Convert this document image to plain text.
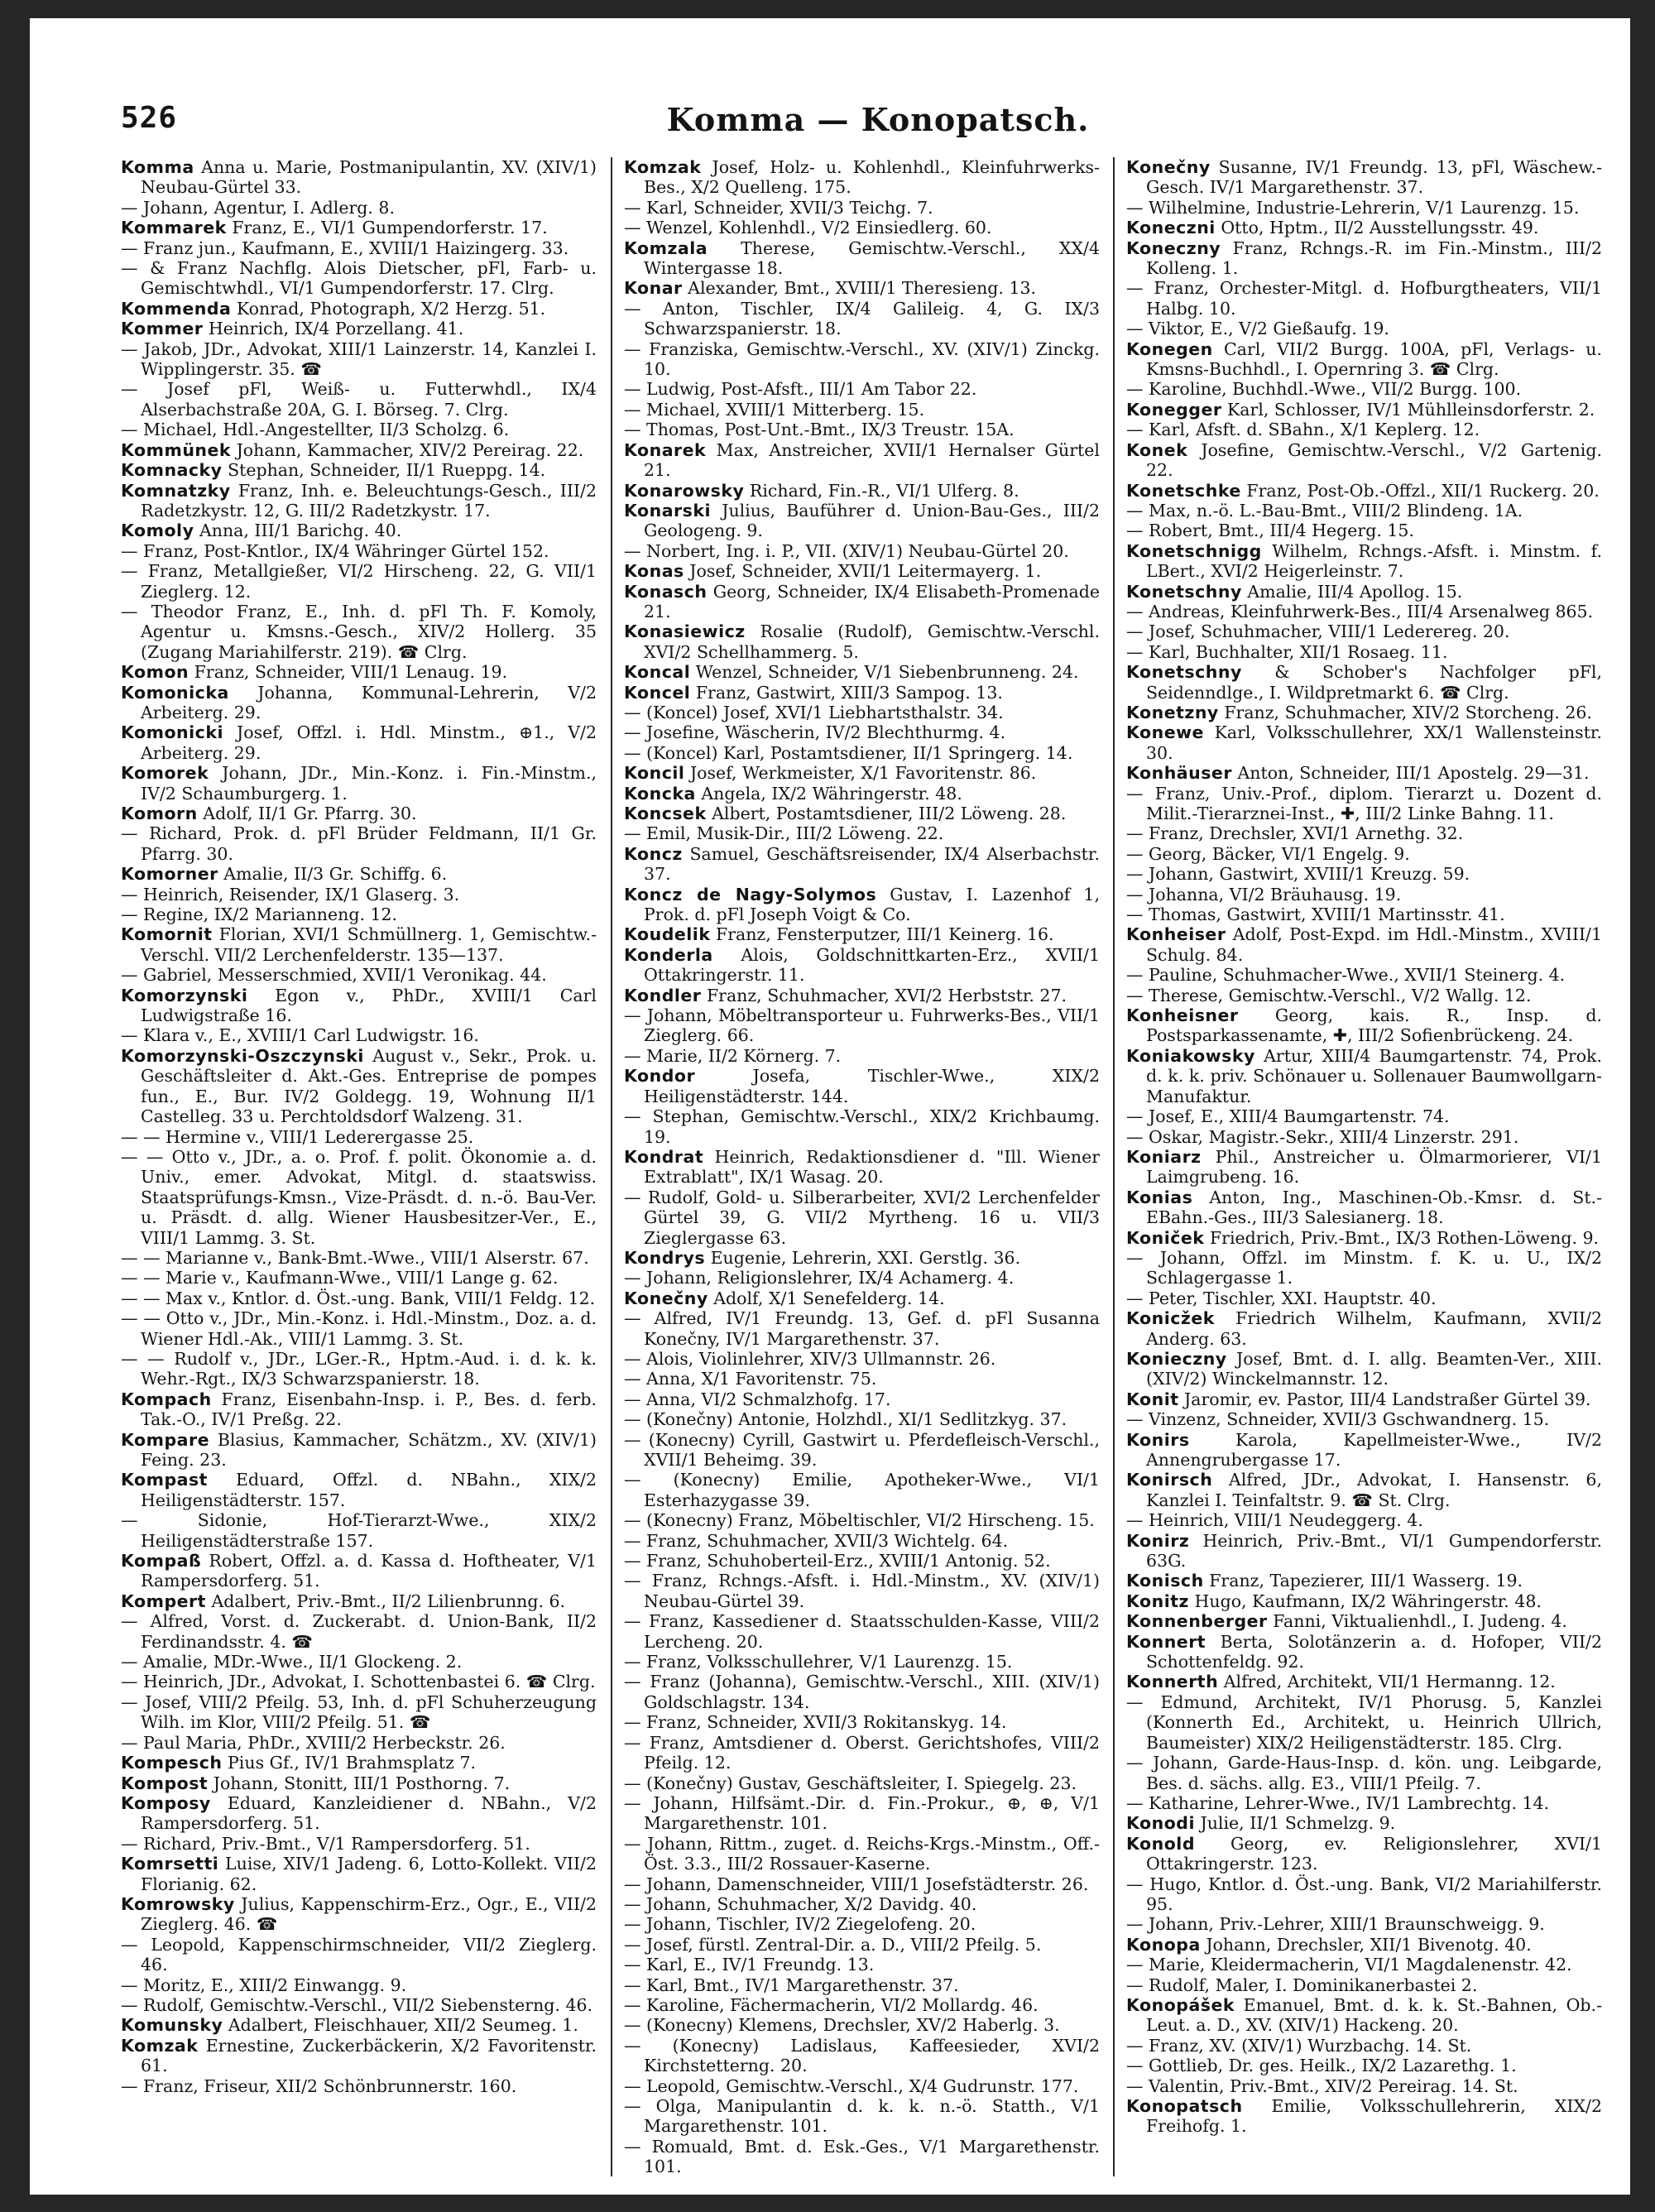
526	Komma — Konopatsch.

Komma Anna u. Marie, Postmanipulantin, XV. (XIV/1) Neubau-Gürtel 33.

— Johann, Agentur, I. Adlerg. 8.

Kommarek Franz, E., VI/1 Gumpendorferstr. 17.

— Franz jun., Kaufmann, E., XVIII/1 Haizingerg. 33.

— & Franz Nachflg. Alois Dietscher, pFl, Farb- u. Gemischtwhdl., VI/1 Gumpendorferstr. 17. Clrg.

Kommenda Konrad, Photograph, X/2 Herzg. 51.

Kommer Heinrich, IX/4 Porzellang. 41.

— Jakob, JDr., Advokat, XIII/1 Lainzerstr. 14, Kanzlei I. Wipplingerstr. 35. ☎

— Josef pFl, Weiß- u. Futterwhdl., IX/4 Alserbachstraße 20A, G. I. Börseg. 7. Clrg.

— Michael, Hdl.-Angestellter, II/3 Scholzg. 6.

Kommünek Johann, Kammacher, XIV/2 Pereirag. 22.

Komnacky Stephan, Schneider, II/1 Rueppg. 14.

Komnatzky Franz, Inh. e. Beleuchtungs-Gesch., III/2 Radetzkystr. 12, G. III/2 Radetzkystr. 17.

Komoly Anna, III/1 Barichg. 40.

— Franz, Post-Kntlor., IX/4 Währinger Gürtel 152.

— Franz, Metallgießer, VI/2 Hirscheng. 22, G. VII/1 Zieglerg. 12.

— Theodor Franz, E., Inh. d. pFl Th. F. Komoly, Agentur u. Kmsns.-Gesch., XIV/2 Hollerg. 35 (Zugang Mariahilferstr. 219). ☎ Clrg.

Komon Franz, Schneider, VIII/1 Lenaug. 19.

Komonicka Johanna, Kommunal-Lehrerin, V/2 Arbeiterg. 29.

Komonicki Josef, Offzl. i. Hdl. Minstm., ⊕1., V/2 Arbeiterg. 29.

Komorek Johann, JDr., Min.-Konz. i. Fin.-Minstm., IV/2 Schaumburgerg. 1.

Komorn Adolf, II/1 Gr. Pfarrg. 30.

— Richard, Prok. d. pFl Brüder Feldmann, II/1 Gr. Pfarrg. 30.

Komorner Amalie, II/3 Gr. Schiffg. 6.

— Heinrich, Reisender, IX/1 Glaserg. 3.

— Regine, IX/2 Marianneng. 12.

Komornit Florian, XVI/1 Schmüllnerg. 1, Gemischtw.-Verschl. VII/2 Lerchenfelderstr. 135—137.

— Gabriel, Messerschmied, XVII/1 Veronikag. 44.

Komorzynski Egon v., PhDr., XVIII/1 Carl Ludwigstraße 16.

— Klara v., E., XVIII/1 Carl Ludwigstr. 16.

Komorzynski-Oszczynski August v., Sekr., Prok. u. Geschäftsleiter d. Akt.-Ges. Entreprise de pompes fun., E., Bur. IV/2 Goldegg. 19, Wohnung II/1 Castelleg. 33 u. Perchtoldsdorf Walzeng. 31.

— — Hermine v., VIII/1 Lederergasse 25.

— — Otto v., JDr., a. o. Prof. f. polit. Ökonomie a. d. Univ., emer. Advokat, Mitgl. d. staatswiss. Staatsprüfungs-Kmsn., Vize-Präsdt. d. n.-ö. Bau-Ver. u. Präsdt. d. allg. Wiener Hausbesitzer-Ver., E., VIII/1 Lammg. 3. St.

— — Marianne v., Bank-Bmt.-Wwe., VIII/1 Alserstr. 67.

— — Marie v., Kaufmann-Wwe., VIII/1 Lange g. 62.

— — Max v., Kntlor. d. Öst.-ung. Bank, VIII/1 Feldg. 12.

— — Otto v., JDr., Min.-Konz. i. Hdl.-Minstm., Doz. a. d. Wiener Hdl.-Ak., VIII/1 Lammg. 3. St.

— — Rudolf v., JDr., LGer.-R., Hptm.-Aud. i. d. k. k. Wehr.-Rgt., IX/3 Schwarzspanierstr. 18.

Kompach Franz, Eisenbahn-Insp. i. P., Bes. d. ferb. Tak.-O., IV/1 Preßg. 22.

Kompare Blasius, Kammacher, Schätzm., XV. (XIV/1) Feing. 23.

Kompast Eduard, Offzl. d. NBahn., XIX/2 Heiligenstädterstr. 157.

— Sidonie, Hof-Tierarzt-Wwe., XIX/2 Heiligenstädterstraße 157.

Kompaß Robert, Offzl. a. d. Kassa d. Hoftheater, V/1 Rampersdorferg. 51.

Kompert Adalbert, Priv.-Bmt., II/2 Lilienbrunng. 6.

— Alfred, Vorst. d. Zuckerabt. d. Union-Bank, II/2 Ferdinandsstr. 4. ☎

— Amalie, MDr.-Wwe., II/1 Glockeng. 2.

— Heinrich, JDr., Advokat, I. Schottenbastei 6. ☎ Clrg.

— Josef, VIII/2 Pfeilg. 53, Inh. d. pFl Schuherzeugung Wilh. im Klor, VIII/2 Pfeilg. 51. ☎

— Paul Maria, PhDr., XVIII/2 Herbeckstr. 26.

Kompesch Pius Gf., IV/1 Brahmsplatz 7.

Kompost Johann, Stonitt, III/1 Posthorng. 7.

Komposy Eduard, Kanzleidiener d. NBahn., V/2 Rampersdorferg. 51.

— Richard, Priv.-Bmt., V/1 Rampersdorferg. 51.

Komrsetti Luise, XIV/1 Jadeng. 6, Lotto-Kollekt. VII/2 Florianig. 62.

Komrowsky Julius, Kappenschirm-Erz., Ogr., E., VII/2 Zieglerg. 46. ☎

— Leopold, Kappenschirmschneider, VII/2 Zieglerg. 46.

— Moritz, E., XIII/2 Einwangg. 9.

— Rudolf, Gemischtw.-Verschl., VII/2 Siebensterng. 46.

Komunsky Adalbert, Fleischhauer, XII/2 Seumeg. 1.

Komzak Ernestine, Zuckerbäckerin, X/2 Favoritenstr. 61.

— Franz, Friseur, XII/2 Schönbrunnerstr. 160.

Komzak Josef, Holz- u. Kohlenhdl., Kleinfuhrwerks-Bes., X/2 Quelleng. 175.

— Karl, Schneider, XVII/3 Teichg. 7.

— Wenzel, Kohlenhdl., V/2 Einsiedlerg. 60.

Komzala Therese, Gemischtw.-Verschl., XX/4 Wintergasse 18.

Konar Alexander, Bmt., XVIII/1 Theresieng. 13.

— Anton, Tischler, IX/4 Galileig. 4, G. IX/3 Schwarzspanierstr. 18.

— Franziska, Gemischtw.-Verschl., XV. (XIV/1) Zinckg. 10.

— Ludwig, Post-Afsft., III/1 Am Tabor 22.

— Michael, XVIII/1 Mitterberg. 15.

— Thomas, Post-Unt.-Bmt., IX/3 Treustr. 15A.

Konarek Max, Anstreicher, XVII/1 Hernalser Gürtel 21.

Konarowsky Richard, Fin.-R., VI/1 Ulferg. 8.

Konarski Julius, Bauführer d. Union-Bau-Ges., III/2 Geologeng. 9.

— Norbert, Ing. i. P., VII. (XIV/1) Neubau-Gürtel 20.

Konas Josef, Schneider, XVII/1 Leitermayerg. 1.

Konasch Georg, Schneider, IX/4 Elisabeth-Promenade 21.

Konasiewicz Rosalie (Rudolf), Gemischtw.-Verschl. XVI/2 Schellhammerg. 5.

Koncal Wenzel, Schneider, V/1 Siebenbrunneng. 24.

Koncel Franz, Gastwirt, XIII/3 Sampog. 13.

— (Koncel) Josef, XVI/1 Liebhartsthalstr. 34.

— Josefine, Wäscherin, IV/2 Blechthurmg. 4.

— (Koncel) Karl, Postamtsdiener, II/1 Springerg. 14.

Koncil Josef, Werkmeister, X/1 Favoritenstr. 86.

Koncka Angela, IX/2 Währingerstr. 48.

Koncsek Albert, Postamtsdiener, III/2 Löweng. 28.

— Emil, Musik-Dir., III/2 Löweng. 22.

Koncz Samuel, Geschäftsreisender, IX/4 Alserbachstr. 37.

Koncz de Nagy-Solymos Gustav, I. Lazenhof 1, Prok. d. pFl Joseph Voigt & Co.

Koudelik Franz, Fensterputzer, III/1 Keinerg. 16.

Konderla Alois, Goldschnittkarten-Erz., XVII/1 Ottakringerstr. 11.

Kondler Franz, Schuhmacher, XVI/2 Herbststr. 27.

— Johann, Möbeltransporteur u. Fuhrwerks-Bes., VII/1 Zieglerg. 66.

— Marie, II/2 Körnerg. 7.

Kondor Josefa, Tischler-Wwe., XIX/2 Heiligenstädterstr. 144.

— Stephan, Gemischtw.-Verschl., XIX/2 Krichbaumg. 19.

Kondrat Heinrich, Redaktionsdiener d. "Ill. Wiener Extrablatt", IX/1 Wasag. 20.

— Rudolf, Gold- u. Silberarbeiter, XVI/2 Lerchenfelder Gürtel 39, G. VII/2 Myrtheng. 16 u. VII/3 Zieglergasse 63.

Kondrys Eugenie, Lehrerin, XXI. Gerstlg. 36.

— Johann, Religionslehrer, IX/4 Achamerg. 4.

Konečny Adolf, X/1 Senefelderg. 14.

— Alfred, IV/1 Freundg. 13, Gef. d. pFl Susanna Konečny, IV/1 Margarethenstr. 37.

— Alois, Violinlehrer, XIV/3 Ullmannstr. 26.

— Anna, X/1 Favoritenstr. 75.

— Anna, VI/2 Schmalzhofg. 17.

— (Konečny) Antonie, Holzhdl., XI/1 Sedlitzkyg. 37.

— (Konecny) Cyrill, Gastwirt u. Pferdefleisch-Verschl., XVII/1 Beheimg. 39.

— (Konecny) Emilie, Apotheker-Wwe., VI/1 Esterhazygasse 39.

— (Konecny) Franz, Möbeltischler, VI/2 Hirscheng. 15.

— Franz, Schuhmacher, XVII/3 Wichtelg. 64.

— Franz, Schuhoberteil-Erz., XVIII/1 Antonig. 52.

— Franz, Rchngs.-Afsft. i. Hdl.-Minstm., XV. (XIV/1) Neubau-Gürtel 39.

— Franz, Kassediener d. Staatsschulden-Kasse, VIII/2 Lercheng. 20.

— Franz, Volksschullehrer, V/1 Laurenzg. 15.

— Franz (Johanna), Gemischtw.-Verschl., XIII. (XIV/1) Goldschlagstr. 134.

— Franz, Schneider, XVII/3 Rokitanskyg. 14.

— Franz, Amtsdiener d. Oberst. Gerichtshofes, VIII/2 Pfeilg. 12.

— (Konečny) Gustav, Geschäftsleiter, I. Spiegelg. 23.

— Johann, Hilfsämt.-Dir. d. Fin.-Prokur., ⊕, ⊕, V/1 Margarethenstr. 101.

— Johann, Rittm., zuget. d. Reichs-Krgs.-Minstm., Off.-Öst. 3.3., III/2 Rossauer-Kaserne.

— Johann, Damenschneider, VIII/1 Josefstädterstr. 26.

— Johann, Schuhmacher, X/2 Davidg. 40.

— Johann, Tischler, IV/2 Ziegelofeng. 20.

— Josef, fürstl. Zentral-Dir. a. D., VIII/2 Pfeilg. 5.

— Karl, E., IV/1 Freundg. 13.

— Karl, Bmt., IV/1 Margarethenstr. 37.

— Karoline, Fächermacherin, VI/2 Mollardg. 46.

— (Konecny) Klemens, Drechsler, XV/2 Haberlg. 3.

— (Konecny) Ladislaus, Kaffeesieder, XVI/2 Kirchstetterng. 20.

— Leopold, Gemischtw.-Verschl., X/4 Gudrunstr. 177.

— Olga, Manipulantin d. k. k. n.-ö. Statth., V/1 Margarethenstr. 101.

— Romuald, Bmt. d. Esk.-Ges., V/1 Margarethenstr. 101.

Konečny Susanne, IV/1 Freundg. 13, pFl, Wäschew.-Gesch. IV/1 Margarethenstr. 37.

— Wilhelmine, Industrie-Lehrerin, V/1 Laurenzg. 15.

Koneczni Otto, Hptm., II/2 Ausstellungsstr. 49.

Koneczny Franz, Rchngs.-R. im Fin.-Minstm., III/2 Kolleng. 1.

— Franz, Orchester-Mitgl. d. Hofburgtheaters, VII/1 Halbg. 10.

— Viktor, E., V/2 Gießaufg. 19.

Konegen Carl, VII/2 Burgg. 100A, pFl, Verlags- u. Kmsns-Buchhdl., I. Opernring 3. ☎ Clrg.

— Karoline, Buchhdl.-Wwe., VII/2 Burgg. 100.

Konegger Karl, Schlosser, IV/1 Mühlleinsdorferstr. 2.

— Karl, Afsft. d. SBahn., X/1 Keplerg. 12.

Konek Josefine, Gemischtw.-Verschl., V/2 Gartenig. 22.

Konetschke Franz, Post-Ob.-Offzl., XII/1 Ruckerg. 20.

— Max, n.-ö. L.-Bau-Bmt., VIII/2 Blindeng. 1A.

— Robert, Bmt., III/4 Hegerg. 15.

Konetschnigg Wilhelm, Rchngs.-Afsft. i. Minstm. f. LBert., XVI/2 Heigerleinstr. 7.

Konetschny Amalie, III/4 Apollog. 15.

— Andreas, Kleinfuhrwerk-Bes., III/4 Arsenalweg 865.

— Josef, Schuhmacher, VIII/1 Lederereg. 20.

— Karl, Buchhalter, XII/1 Rosaeg. 11.

Konetschny & Schober's Nachfolger pFl, Seidenndlge., I. Wildpretmarkt 6. ☎ Clrg.

Konetzny Franz, Schuhmacher, XIV/2 Storcheng. 26.

Konewe Karl, Volksschullehrer, XX/1 Wallensteinstr. 30.

Konhäuser Anton, Schneider, III/1 Apostelg. 29—31.

— Franz, Univ.-Prof., diplom. Tierarzt u. Dozent d. Milit.-Tierarznei-Inst., ✚, III/2 Linke Bahng. 11.

— Franz, Drechsler, XVI/1 Arnethg. 32.

— Georg, Bäcker, VI/1 Engelg. 9.

— Johann, Gastwirt, XVIII/1 Kreuzg. 59.

— Johanna, VI/2 Bräuhausg. 19.

— Thomas, Gastwirt, XVIII/1 Martinsstr. 41.

Konheiser Adolf, Post-Expd. im Hdl.-Minstm., XVIII/1 Schulg. 84.

— Pauline, Schuhmacher-Wwe., XVII/1 Steinerg. 4.

— Therese, Gemischtw.-Verschl., V/2 Wallg. 12.

Konheisner Georg, kais. R., Insp. d. Postsparkassenamte, ✚, III/2 Sofienbrückeng. 24.

Koniakowsky Artur, XIII/4 Baumgartenstr. 74, Prok. d. k. k. priv. Schönauer u. Sollenauer Baumwollgarn-Manufaktur.

— Josef, E., XIII/4 Baumgartenstr. 74.

— Oskar, Magistr.-Sekr., XIII/4 Linzerstr. 291.

Koniarz Phil., Anstreicher u. Ölmarmorierer, VI/1 Laimgrubeng. 16.

Konias Anton, Ing., Maschinen-Ob.-Kmsr. d. St.-EBahn.-Ges., III/3 Salesianerg. 18.

Koniček Friedrich, Priv.-Bmt., IX/3 Rothen-Löweng. 9.

— Johann, Offzl. im Minstm. f. K. u. U., IX/2 Schlagergasse 1.

— Peter, Tischler, XXI. Hauptstr. 40.

Konicžek Friedrich Wilhelm, Kaufmann, XVII/2 Anderg. 63.

Konieczny Josef, Bmt. d. I. allg. Beamten-Ver., XIII. (XIV/2) Winckelmannstr. 12.

Konit Jaromir, ev. Pastor, III/4 Landstraßer Gürtel 39.

— Vinzenz, Schneider, XVII/3 Gschwandnerg. 15.

Konirs Karola, Kapellmeister-Wwe., IV/2 Annengrubergasse 17.

Konirsch Alfred, JDr., Advokat, I. Hansenstr. 6, Kanzlei I. Teinfaltstr. 9. ☎ St. Clrg.

— Heinrich, VIII/1 Neudeggerg. 4.

Konirz Heinrich, Priv.-Bmt., VI/1 Gumpendorferstr. 63G.

Konisch Franz, Tapezierer, III/1 Wasserg. 19.

Konitz Hugo, Kaufmann, IX/2 Währingerstr. 48.

Konnenberger Fanni, Viktualienhdl., I. Judeng. 4.

Konnert Berta, Solotänzerin a. d. Hofoper, VII/2 Schottenfeldg. 92.

Konnerth Alfred, Architekt, VII/1 Hermanng. 12.

— Edmund, Architekt, IV/1 Phorusg. 5, Kanzlei (Konnerth Ed., Architekt, u. Heinrich Ullrich, Baumeister) XIX/2 Heiligenstädterstr. 185. Clrg.

— Johann, Garde-Haus-Insp. d. kön. ung. Leibgarde, Bes. d. sächs. allg. E3., VIII/1 Pfeilg. 7.

— Katharine, Lehrer-Wwe., IV/1 Lambrechtg. 14.

Konodi Julie, II/1 Schmelzg. 9.

Konold Georg, ev. Religionslehrer, XVI/1 Ottakringerstr. 123.

— Hugo, Kntlor. d. Öst.-ung. Bank, VI/2 Mariahilferstr. 95.

— Johann, Priv.-Lehrer, XIII/1 Braunschweigg. 9.

Konopa Johann, Drechsler, XII/1 Bivenotg. 40.

— Marie, Kleidermacherin, VI/1 Magdalenenstr. 42.

— Rudolf, Maler, I. Dominikanerbastei 2.

Konopášek Emanuel, Bmt. d. k. k. St.-Bahnen, Ob.-Leut. a. D., XV. (XIV/1) Hackeng. 20.

— Franz, XV. (XIV/1) Wurzbachg. 14. St.

— Gottlieb, Dr. ges. Heilk., IX/2 Lazarethg. 1.

— Valentin, Priv.-Bmt., XIV/2 Pereirag. 14. St.

Konopatsch Emilie, Volksschullehrerin, XIX/2 Freihofg. 1.
